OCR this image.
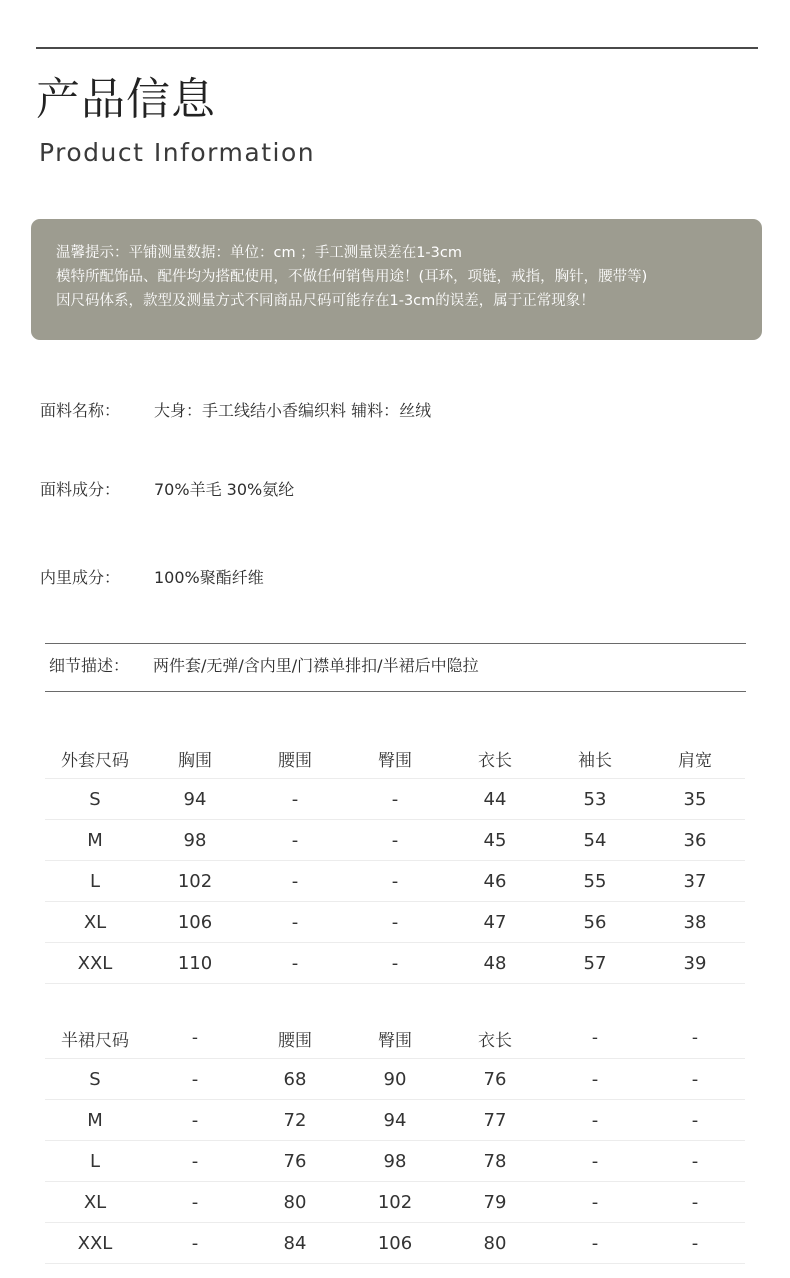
产品信息
Product Information

温馨提示：平铺测量数据：单位：cm ；手工测量误差在1-3cm

模特所配饰品、配件均为搭配使用，不做任何销售用途！(耳环，项链，戒指，胸针，腰带等)

因尺码体系，款型及测量方式不同商品尺码可能存在1-3cm的误差，属于正常现象！

面料名称： 大身：手工线结小香编织料 辅料：丝绒
面料成分： 70%羊毛 30%氨纶
内里成分： 100%聚酯纤维
细节描述： 两件套/无弹/含内里/门襟单排扣/半裙后中隐拉
外套尺码	胸围	腰围	臀围	衣长	袖长	肩宽
S	94	-	-	44	53	35
M	98	-	-	45	54	36
L	102	-	-	46	55	37
XL	106	-	-	47	56	38
XXL	110	-	-	48	57	39
半裙尺码	-	腰围	臀围	衣长	-	-
S	-	68	90	76	-	-
M	-	72	94	77	-	-
L	-	76	98	78	-	-
XL	-	80	102	79	-	-
XXL	-	84	106	80	-	-
